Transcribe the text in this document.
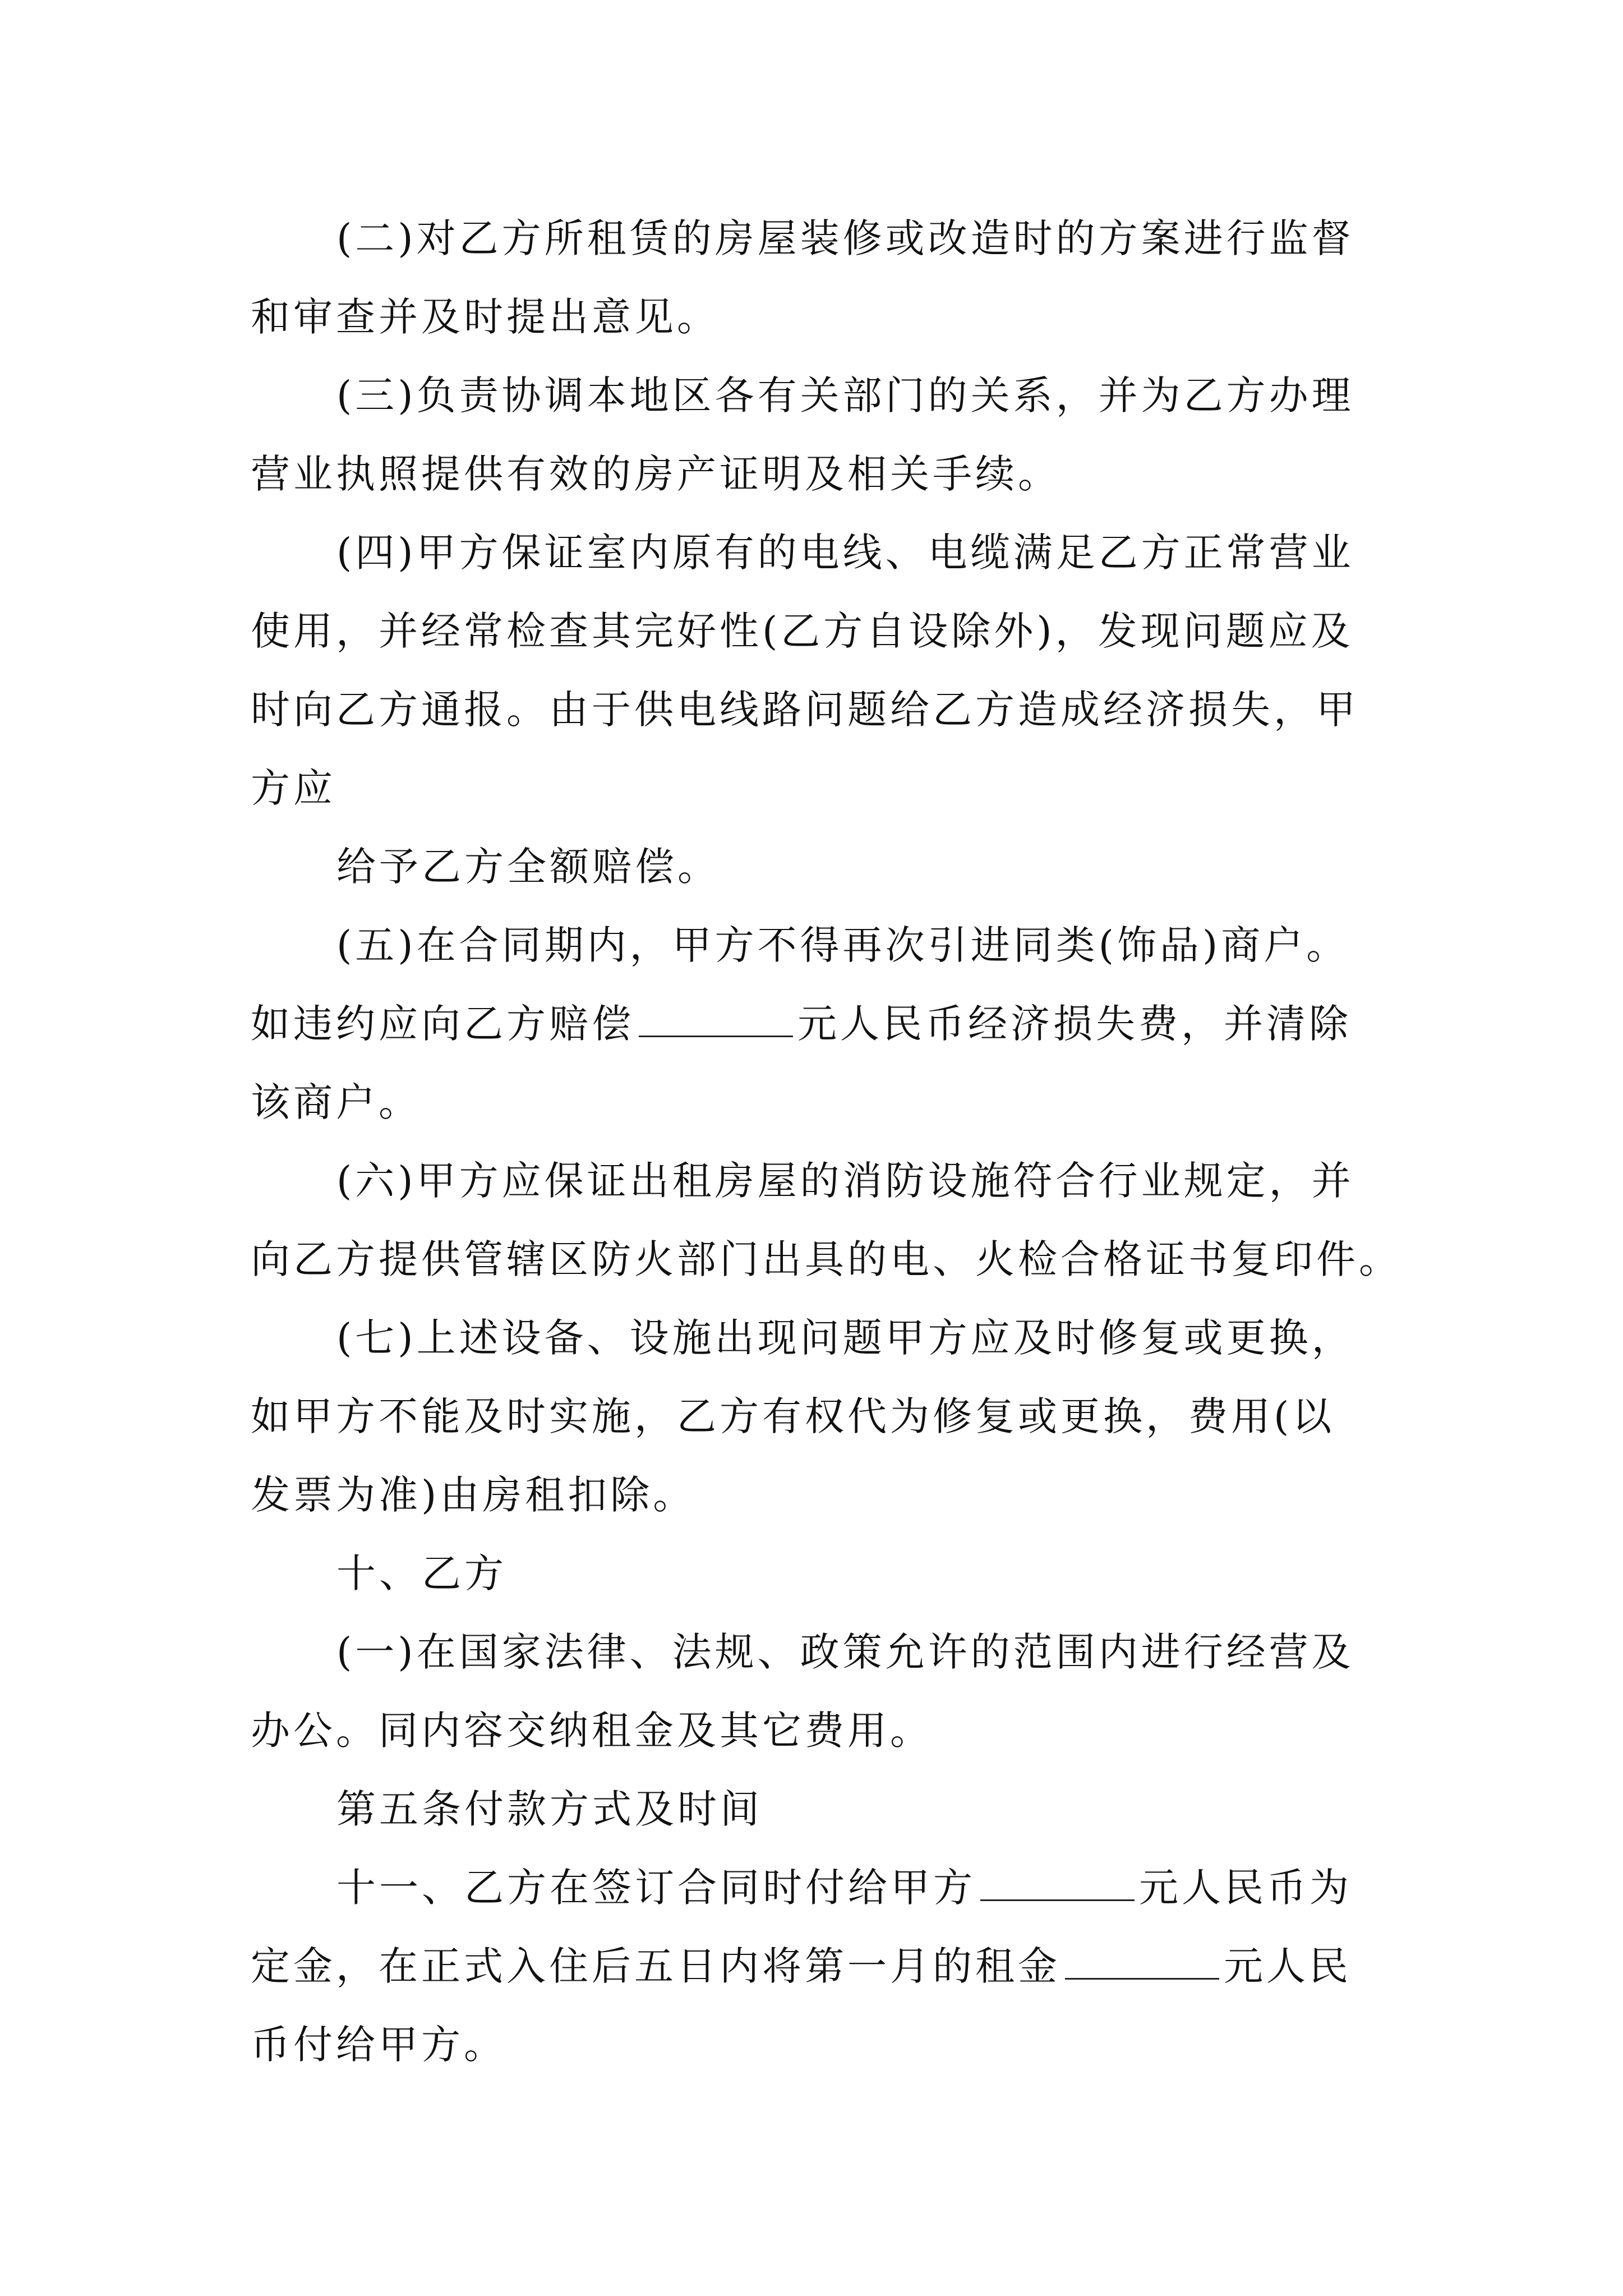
(二)对乙方所租赁的房屋装修或改造时的方案进行监督
和审查并及时提出意见。
(三)负责协调本地区各有关部门的关系，并为乙方办理
营业执照提供有效的房产证明及相关手续。
(四)甲方保证室内原有的电线、电缆满足乙方正常营业
使用，并经常检查其完好性(乙方自设除外)，发现问题应及
时向乙方通报。由于供电线路问题给乙方造成经济损失，甲
方应
给予乙方全额赔偿。
(五)在合同期内，甲方不得再次引进同类(饰品)商户。
如违约应向乙方赔偿	元人民币经济损失费，并清除
该商户。
(六)甲方应保证出租房屋的消防设施符合行业规定，并
向乙方提供管辖区防火部门出具的电、火检合格证书复印件。
(七)上述设备、设施出现问题甲方应及时修复或更换，
如甲方不能及时实施，乙方有权代为修复或更换，费用(以
发票为准)由房租扣除。
十、乙方
(一)在国家法律、法规、政策允许的范围内进行经营及
办公。同内容交纳租金及其它费用。
第五条付款方式及时间
十一、乙方在签订合同时付给甲方	元人民币为
定金，在正式入住后五日内将第一月的租金	元人民
币付给甲方。
